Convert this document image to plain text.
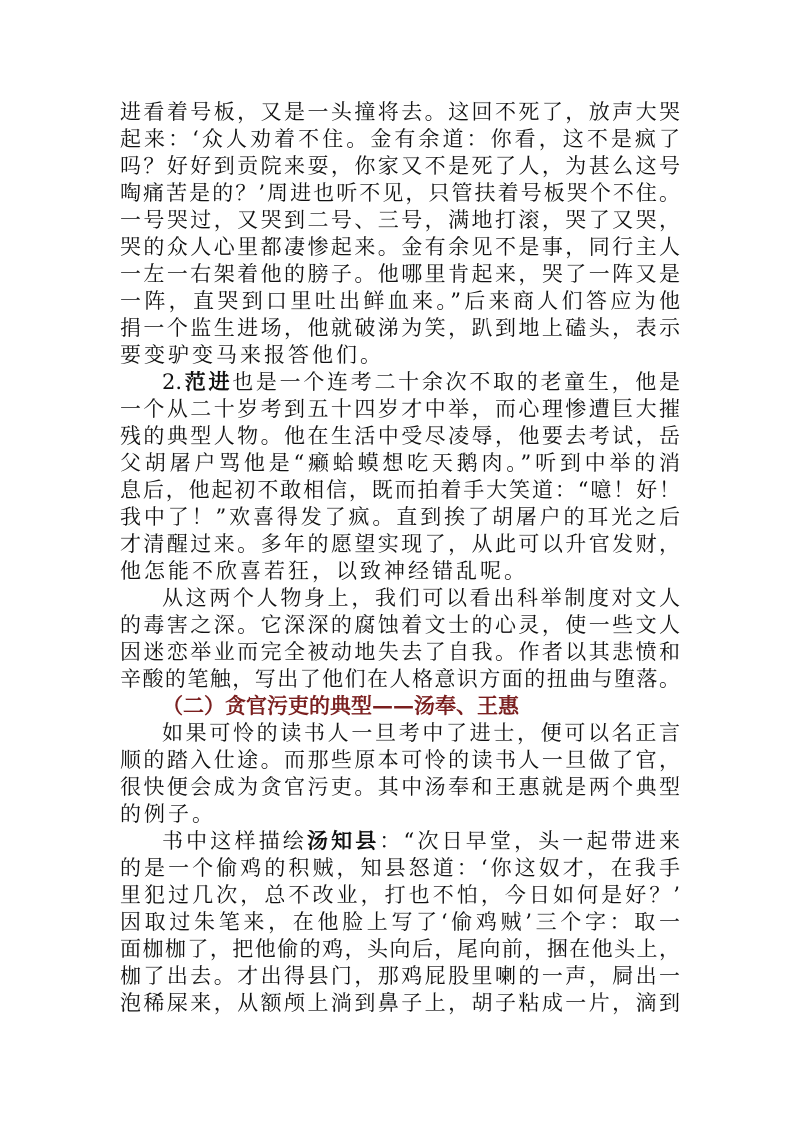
进看着号板，又是一头撞将去。这回不死了，放声大哭
起来：‘众人劝着不住。金有余道：你看，这不是疯了
吗？好好到贡院来耍，你家又不是死了人，为甚么这号
啕痛苦是的？’周进也听不见，只管扶着号板哭个不住。
一号哭过，又哭到二号、三号，满地打滚，哭了又哭，
哭的众人心里都凄惨起来。金有余见不是事，同行主人
一左一右架着他的膀子。他哪里肯起来，哭了一阵又是
一阵，直哭到口里吐出鲜血来。”后来商人们答应为他
捐一个监生进场，他就破涕为笑，趴到地上磕头，表示
要变驴变马来报答他们。
2.范进也是一个连考二十余次不取的老童生，他是
一个从二十岁考到五十四岁才中举，而心理惨遭巨大摧
残的典型人物。他在生活中受尽凌辱，他要去考试，岳
父胡屠户骂他是“癞蛤蟆想吃天鹅肉。”听到中举的消
息后，他起初不敢相信，既而拍着手大笑道：“噫！好！
我中了！”欢喜得发了疯。直到挨了胡屠户的耳光之后
才清醒过来。多年的愿望实现了，从此可以升官发财，
他怎能不欣喜若狂，以致神经错乱呢。
从这两个人物身上，我们可以看出科举制度对文人
的毒害之深。它深深的腐蚀着文士的心灵，使一些文人
因迷恋举业而完全被动地失去了自我。作者以其悲愤和
辛酸的笔触，写出了他们在人格意识方面的扭曲与堕落。
（二）贪官污吏的典型——汤奉、王惠
如果可怜的读书人一旦考中了进士，便可以名正言
顺的踏入仕途。而那些原本可怜的读书人一旦做了官，
很快便会成为贪官污吏。其中汤奉和王惠就是两个典型
的例子。
书中这样描绘汤知县：“次日早堂，头一起带进来
的是一个偷鸡的积贼，知县怒道：‘你这奴才，在我手
里犯过几次，总不改业，打也不怕，今日如何是好？’
因取过朱笔来，在他脸上写了‘偷鸡贼’三个字：取一
面枷枷了，把他偷的鸡，头向后，尾向前，捆在他头上，
枷了出去。才出得县门，那鸡屁股里喇的一声，屙出一
泡稀屎来，从额颅上淌到鼻子上，胡子粘成一片，滴到
